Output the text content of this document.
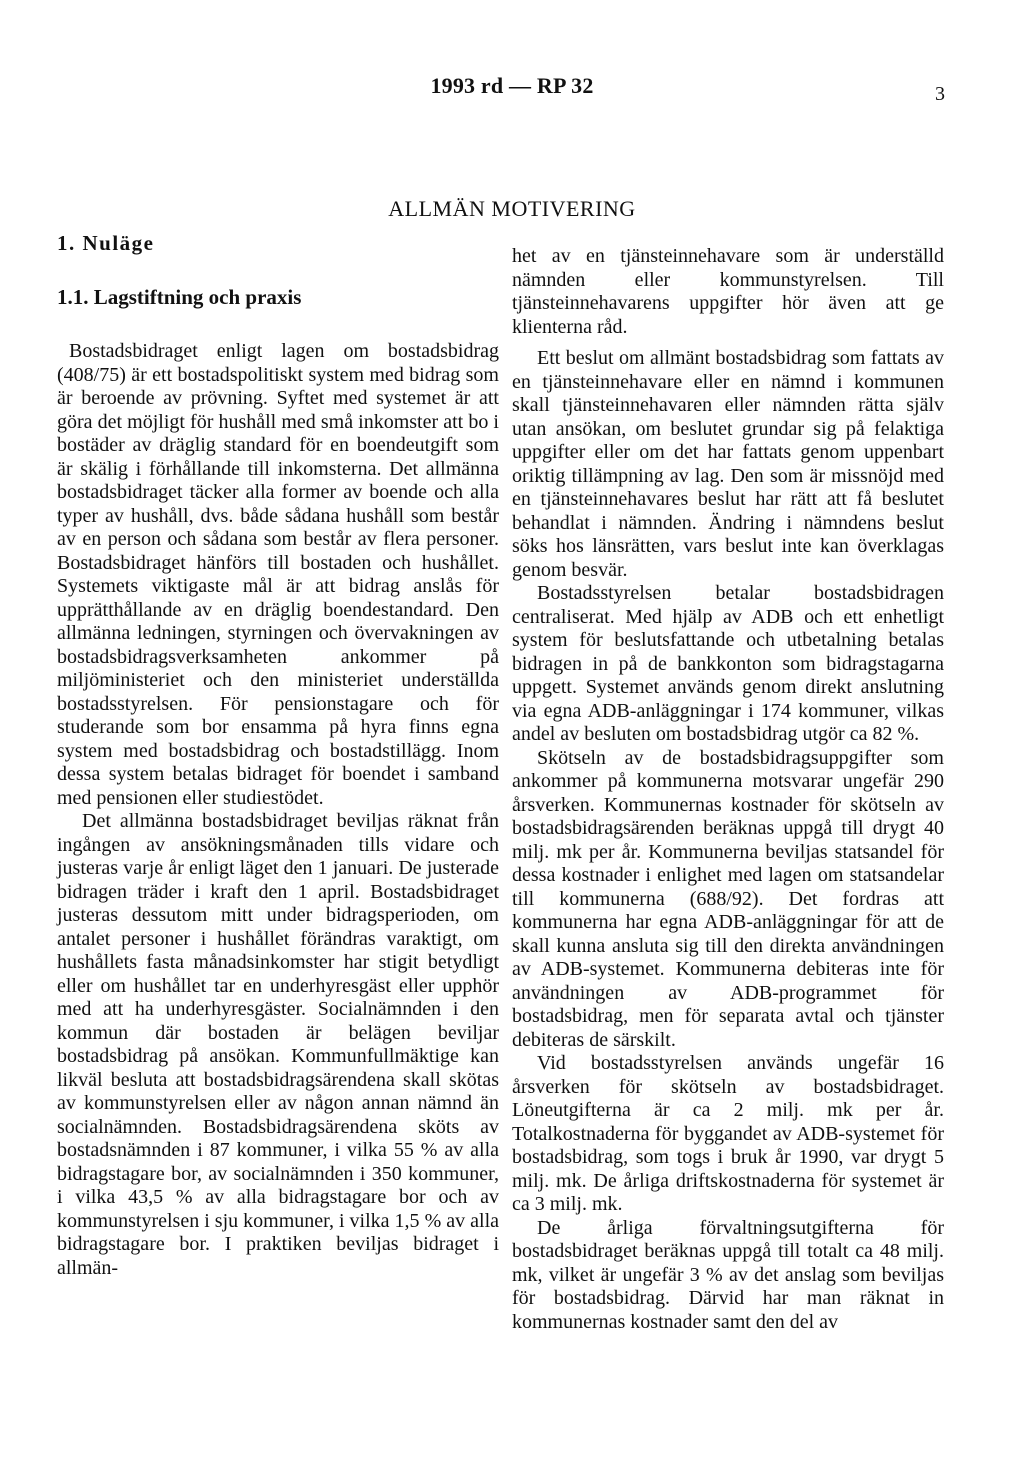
1993 rd — RP 32	3
ALLMÄN MOTIVERING
1. Nuläge
1.1. Lagstiftning och praxis

Bostadsbidraget enligt lagen om bostadsbidrag (408/75) är ett bostadspolitiskt system med bidrag som är beroende av prövning. Syftet med systemet är att göra det möjligt för hushåll med små inkomster att bo i bostäder av dräglig standard för en boendeutgift som är skälig i förhållande till inkomsterna. Det allmänna bostadsbidraget täcker alla former av boende och alla typer av hushåll, dvs. både sådana hushåll som består av en person och sådana som består av flera personer. Bostadsbidraget hänförs till bostaden och hushållet. Systemets viktigaste mål är att bidrag anslås för upprätthållande av en dräglig boendestandard. Den allmänna ledningen, styrningen och övervakningen av bostadsbidragsverksamheten ankommer på miljöministeriet och den ministeriet underställda bostadsstyrelsen. För pensionstagare och för studerande som bor ensamma på hyra finns egna system med bostadsbidrag och bostadstillägg. Inom dessa system betalas bidraget för boendet i samband med pensionen eller studiestödet.

Det allmänna bostadsbidraget beviljas räknat från ingången av ansökningsmånaden tills vidare och justeras varje år enligt läget den 1 januari. De justerade bidragen träder i kraft den 1 april. Bostadsbidraget justeras dessutom mitt under bidragsperioden, om antalet personer i hushållet förändras varaktigt, om hushållets fasta månadsinkomster har stigit betydligt eller om hushållet tar en underhyresgäst eller upphör med att ha underhyresgäster. Socialnämnden i den kommun där bostaden är belägen beviljar bostadsbidrag på ansökan. Kommunfullmäktige kan likväl besluta att bostadsbidragsärendena skall skötas av kommunstyrelsen eller av någon annan nämnd än socialnämnden. Bostadsbidragsärendena sköts av bostadsnämnden i 87 kommuner, i vilka 55 % av alla bidragstagare bor, av socialnämnden i 350 kommuner, i vilka 43,5 % av alla bidragstagare bor och av kommunstyrelsen i sju kommuner, i vilka 1,5 % av alla bidragstagare bor. I praktiken beviljas bidraget i allmän-

het av en tjänsteinnehavare som är underställd nämnden eller kommunstyrelsen. Till tjänsteinnehavarens uppgifter hör även att ge klienterna råd.

Ett beslut om allmänt bostadsbidrag som fattats av en tjänsteinnehavare eller en nämnd i kommunen skall tjänsteinnehavaren eller nämnden rätta själv utan ansökan, om beslutet grundar sig på felaktiga uppgifter eller om det har fattats genom uppenbart oriktig tillämpning av lag. Den som är missnöjd med en tjänsteinnehavares beslut har rätt att få beslutet behandlat i nämnden. Ändring i nämndens beslut söks hos länsrätten, vars beslut inte kan överklagas genom besvär.

Bostadsstyrelsen betalar bostadsbidragen centraliserat. Med hjälp av ADB och ett enhetligt system för beslutsfattande och utbetalning betalas bidragen in på de bankkonton som bidragstagarna uppgett. Systemet används genom direkt anslutning via egna ADB-anläggningar i 174 kommuner, vilkas andel av besluten om bostadsbidrag utgör ca 82 %.

Skötseln av de bostadsbidragsuppgifter som ankommer på kommunerna motsvarar ungefär 290 årsverken. Kommunernas kostnader för skötseln av bostadsbidragsärenden beräknas uppgå till drygt 40 milj. mk per år. Kommunerna beviljas statsandel för dessa kostnader i enlighet med lagen om statsandelar till kommunerna (688/92). Det fordras att kommunerna har egna ADB-anläggningar för att de skall kunna ansluta sig till den direkta användningen av ADB-systemet. Kommunerna debiteras inte för användningen av ADB-programmet för bostadsbidrag, men för separata avtal och tjänster debiteras de särskilt.

Vid bostadsstyrelsen används ungefär 16 årsverken för skötseln av bostadsbidraget. Lönеutgifterna är ca 2 milj. mk per år. Totalkostnaderna för byggandet av ADB-systemet för bostadsbidrag, som togs i bruk år 1990, var drygt 5 milj. mk. De årliga driftskostnaderna för systemet är ca 3 milj. mk.

De årliga förvaltningsutgifterna för bostadsbidraget beräknas uppgå till totalt ca 48 milj. mk, vilket är ungefär 3 % av det anslag som beviljas för bostadsbidrag. Därvid har man räknat in kommunernas kostnader samt den del av
